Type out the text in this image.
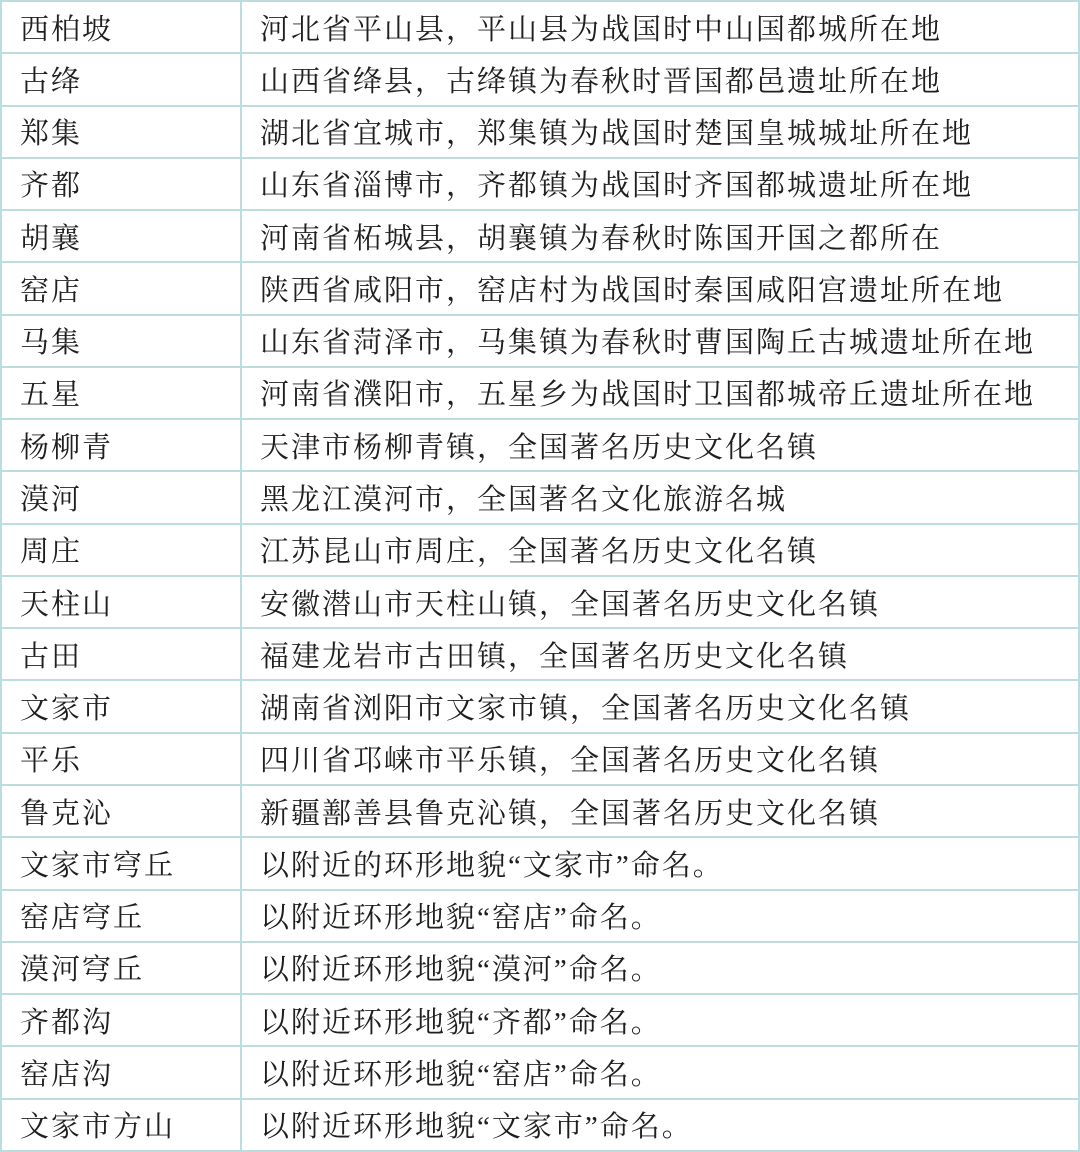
西柏坡	河北省平山县，平山县为战国时中山国都城所在地
古绛	山西省绛县，古绛镇为春秋时晋国都邑遗址所在地
郑集	湖北省宜城市，郑集镇为战国时楚国皇城城址所在地
齐都	山东省淄博市，齐都镇为战国时齐国都城遗址所在地
胡襄	河南省柘城县，胡襄镇为春秋时陈国开国之都所在
窑店	陕西省咸阳市，窑店村为战国时秦国咸阳宫遗址所在地
马集	山东省菏泽市，马集镇为春秋时曹国陶丘古城遗址所在地
五星	河南省濮阳市，五星乡为战国时卫国都城帝丘遗址所在地
杨柳青	天津市杨柳青镇，全国著名历史文化名镇
漠河	黑龙江漠河市，全国著名文化旅游名城
周庄	江苏昆山市周庄，全国著名历史文化名镇
天柱山	安徽潜山市天柱山镇，全国著名历史文化名镇
古田	福建龙岩市古田镇，全国著名历史文化名镇
文家市	湖南省浏阳市文家市镇，全国著名历史文化名镇
平乐	四川省邛崃市平乐镇，全国著名历史文化名镇
鲁克沁	新疆鄯善县鲁克沁镇，全国著名历史文化名镇
文家市穹丘	以附近的环形地貌“文家市”命名。
窑店穹丘	以附近环形地貌“窑店”命名。
漠河穹丘	以附近环形地貌“漠河”命名。
齐都沟	以附近环形地貌“齐都”命名。
窑店沟	以附近环形地貌“窑店”命名。
文家市方山	以附近环形地貌“文家市”命名。
